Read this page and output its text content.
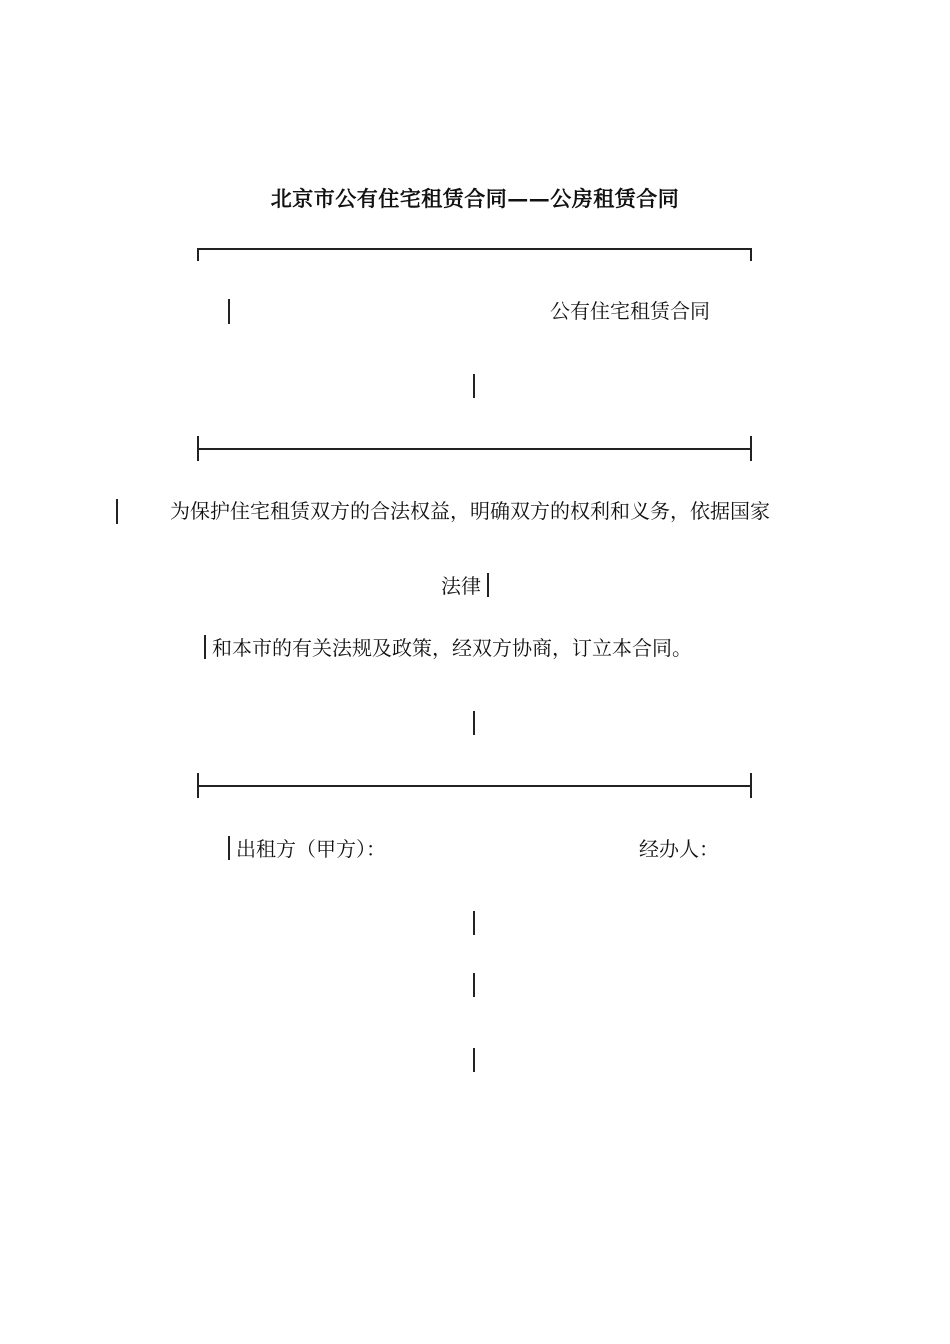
北京市公有住宅租赁合同——公房租赁合同
公有住宅租赁合同
为保护住宅租赁双方的合法权益，明确双方的权利和义务，依据国家
法律
和本市的有关法规及政策，经双方协商，订立本合同。
出租方（甲方）：	经办人：
